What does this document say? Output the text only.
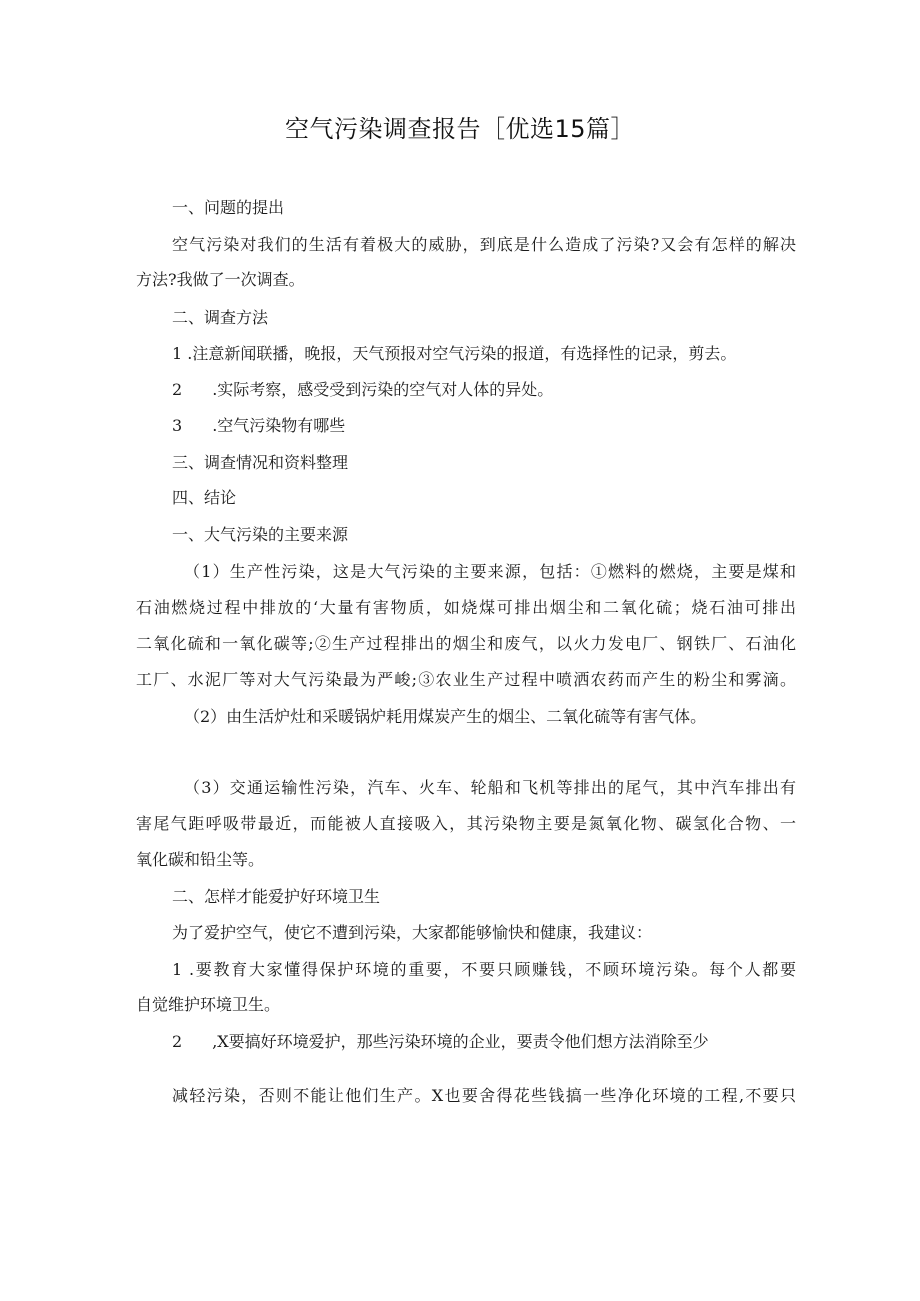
空气污染调查报告［优选15篇］
一、问题的提出
空气污染对我们的生活有着极大的威胁，到底是什么造成了污染?又会有怎样的解决
方法?我做了一次调查。
二、调查方法
1 .注意新闻联播，晚报，天气预报对空气污染的报道，有选择性的记录，剪去。
2 .实际考察，感受受到污染的空气对人体的异处。
3 .空气污染物有哪些
三、调查情况和资料整理
四、结论
一、大气污染的主要来源
（1）生产性污染，这是大气污染的主要来源，包括：①燃料的燃烧，主要是煤和
石油燃烧过程中排放的‘大量有害物质，如烧煤可排出烟尘和二氧化硫；烧石油可排出
二氧化硫和一氧化碳等;②生产过程排出的烟尘和废气，以火力发电厂、钢铁厂、石油化
工厂、水泥厂等对大气污染最为严峻;③农业生产过程中喷洒农药而产生的粉尘和雾滴。
（2）由生活炉灶和采暖锅炉耗用煤炭产生的烟尘、二氧化硫等有害气体。
（3）交通运输性污染，汽车、火车、轮船和飞机等排出的尾气，其中汽车排出有
害尾气距呼吸带最近，而能被人直接吸入，其污染物主要是氮氧化物、碳氢化合物、一
氧化碳和铅尘等。
二、怎样才能爱护好环境卫生
为了爱护空气，使它不遭到污染，大家都能够愉快和健康，我建议：
1 .要教育大家懂得保护环境的重要，不要只顾赚钱，不顾环境污染。每个人都要
自觉维护环境卫生。
2 ,X要搞好环境爱护，那些污染环境的企业，要责令他们想方法消除至少
减轻污染，否则不能让他们生产。X也要舍得花些钱搞一些净化环境的工程,不要只
